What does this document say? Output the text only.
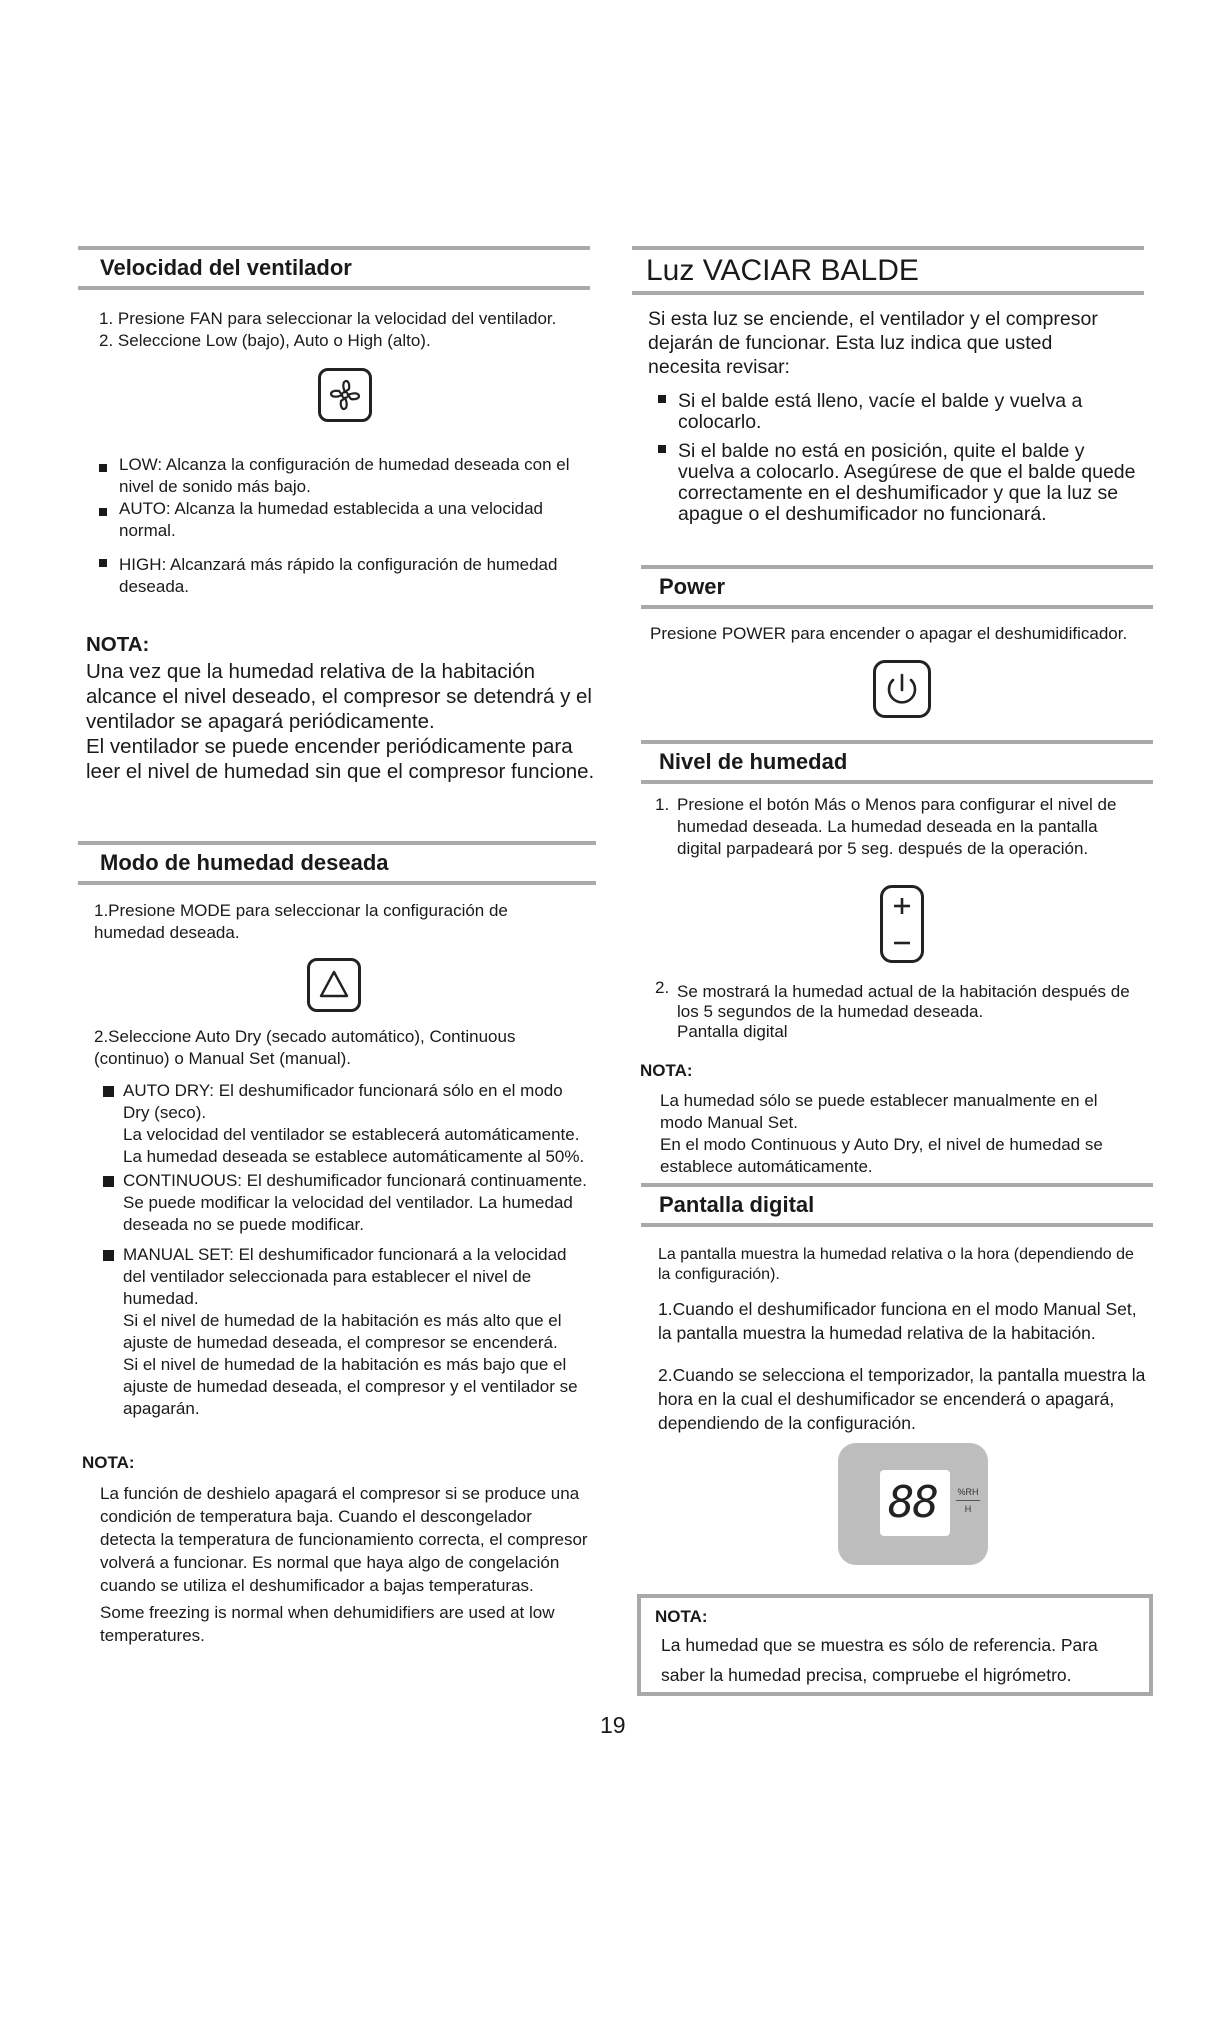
Velocidad del ventilador

1. Presione FAN para seleccionar la velocidad del ventilador.

2. Seleccione Low (bajo), Auto o High (alto).

LOW: Alcanza la configuración de humedad deseada con el nivel de sonido más bajo.

AUTO: Alcanza la humedad establecida a una velocidad normal.

HIGH: Alcanzará más rápido la configuración de humedad deseada.

NOTA:

Una vez que la humedad relativa de la habitación

alcance el nivel deseado, el compresor se detendrá y el

ventilador se apagará periódicamente.

El ventilador se puede encender periódicamente para

leer el nivel de humedad sin que el compresor funcione.

Modo de humedad deseada

1.Presione MODE para seleccionar la configuración de humedad deseada.

2.Seleccione Auto Dry (secado automático), Continuous (continuo) o Manual Set (manual).

AUTO DRY: El deshumificador funcionará sólo en el modo Dry (seco).

La velocidad del ventilador se establecerá automáticamente. La humedad deseada se establece automáticamente al 50%.

CONTINUOUS: El deshumificador funcionará continuamente.

Se puede modificar la velocidad del ventilador. La humedad deseada no se puede modificar.

MANUAL SET: El deshumificador funcionará a la velocidad del ventilador seleccionada para establecer el nivel de humedad.

Si el nivel de humedad de la habitación es más alto que el ajuste de humedad deseada, el compresor se encenderá.

Si el nivel de humedad de la habitación es más bajo que el ajuste de humedad deseada, el compresor y el ventilador se apagarán.

NOTA:

La función de deshielo apagará el compresor si se produce una condición de temperatura baja. Cuando el descongelador detecta la temperatura de funcionamiento correcta, el compresor volverá a funcionar. Es normal que haya algo de congelación cuando se utiliza el deshumificador a bajas temperaturas.

Some freezing is normal when dehumidifiers are used at low temperatures.

Luz VACIAR BALDE

Si esta luz se enciende, el ventilador y el compresor dejarán de funcionar. Esta luz indica que usted necesita revisar:

Si el balde está lleno, vacíe el balde y vuelva a colocarlo.

Si el balde no está en posición, quite el balde y vuelva a colocarlo. Asegúrese de que el balde quede correctamente en el deshumificador y que la luz se apague o el deshumificador no funcionará.

Power

Presione POWER para encender o apagar el deshumidificador.

Nivel de humedad
1. Presione el botón Más o Menos para configurar el nivel de humedad deseada. La humedad deseada en la pantalla digital parpadeará por 5 seg. después de la operación.

2. Se mostrará la humedad actual de la habitación después de los 5 segundos de la humedad deseada.

Pantalla digital

NOTA:

La humedad sólo se puede establecer manualmente en el modo Manual Set.

En el modo Continuous y Auto Dry, el nivel de humedad se establece automáticamente.

Pantalla digital

La pantalla muestra la humedad relativa o la hora (dependiendo de la configuración).

1.Cuando el deshumificador funciona en el modo Manual Set, la pantalla muestra la humedad relativa de la habitación.

2.Cuando se selecciona el temporizador, la pantalla muestra la hora en la cual el deshumificador se encenderá o apagará, dependiendo de la configuración.

88 %RH
H

NOTA:

La humedad que se muestra es sólo de referencia. Para saber la humedad precisa, compruebe el higrómetro.

19
